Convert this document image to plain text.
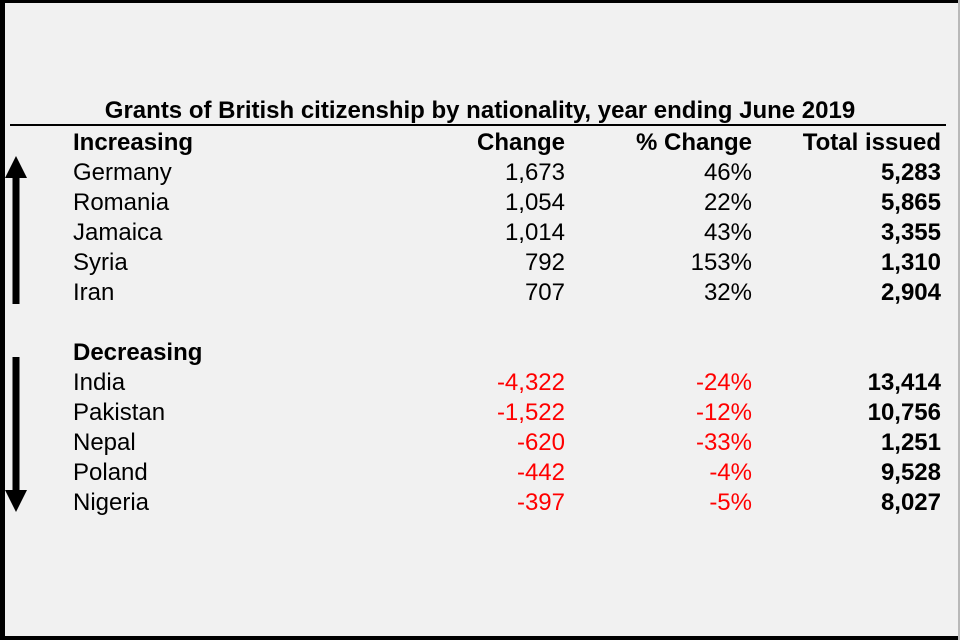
Grants of British citizenship by nationality, year ending June 2019
Increasing	Change	% Change	Total issued
Germany	1,673	46%	5,283
Romania	1,054	22%	5,865
Jamaica	1,014	43%	3,355
Syria	792	153%	1,310
Iran	707	32%	2,904
Decreasing
India	-4,322	-24%	13,414
Pakistan	-1,522	-12%	10,756
Nepal	-620	-33%	1,251
Poland	-442	-4%	9,528
Nigeria	-397	-5%	8,027
